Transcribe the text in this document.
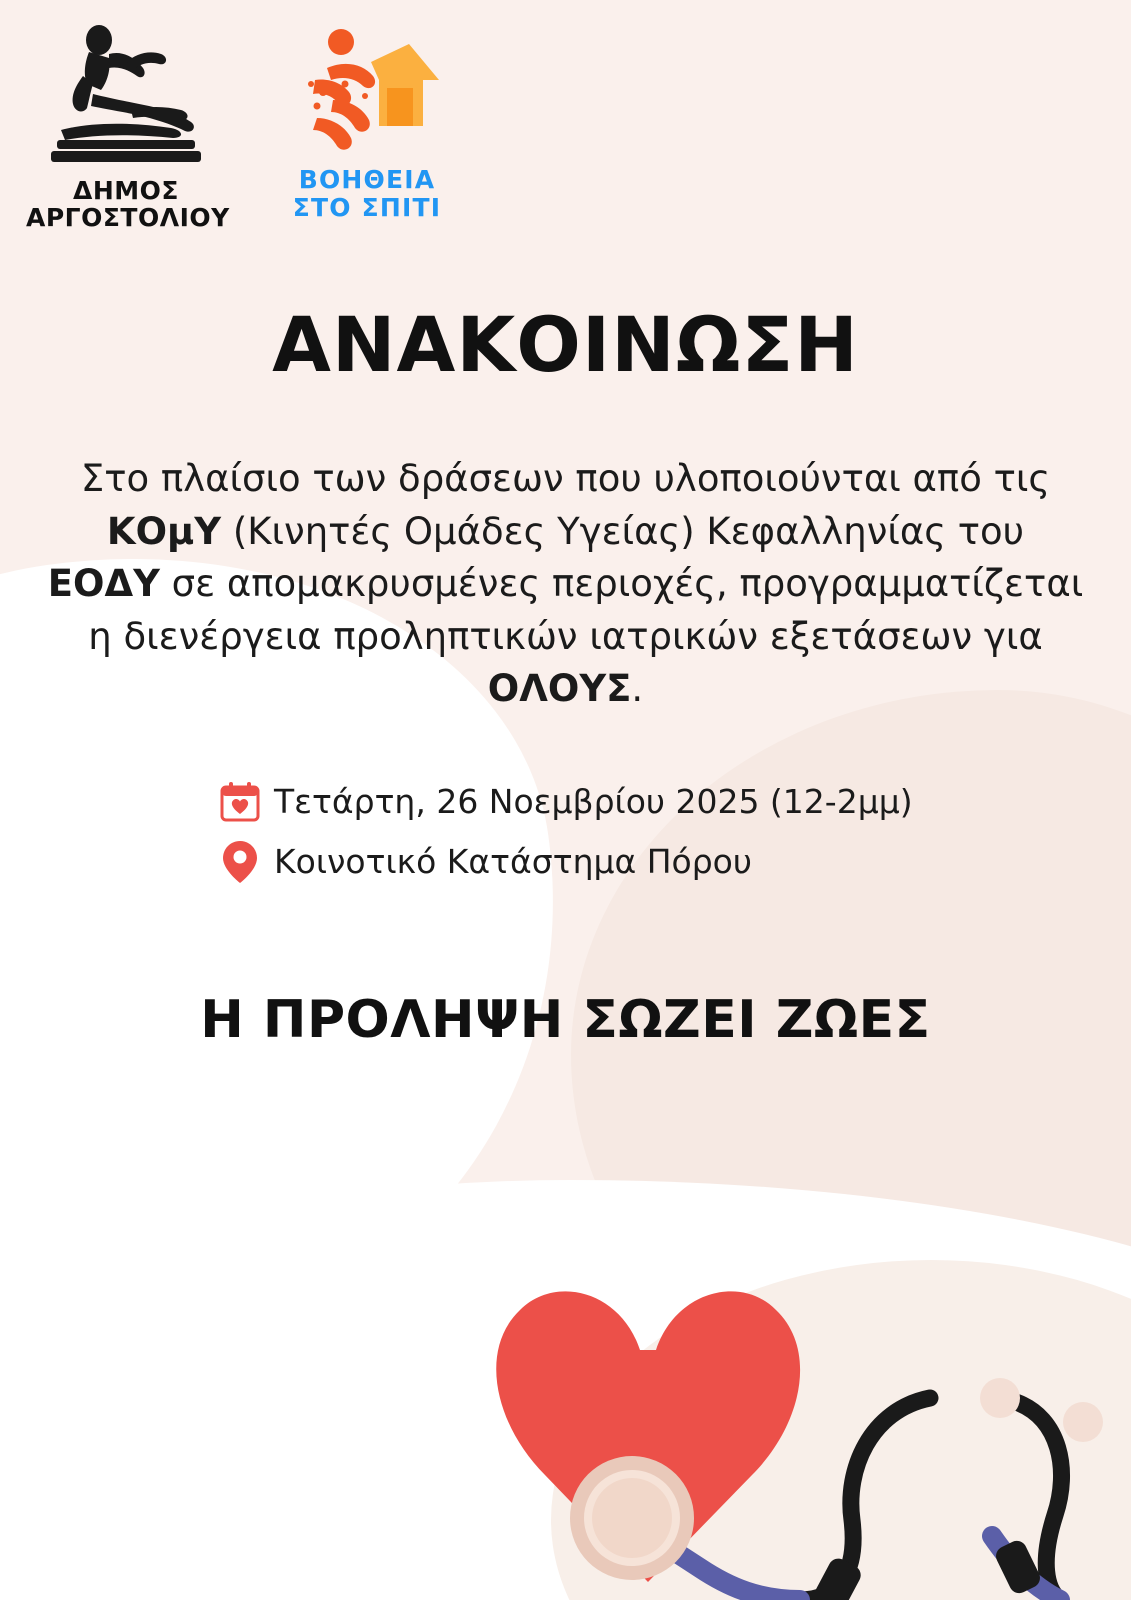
ΔΗΜΟΣ
ΑΡΓΟΣΤΟΛΙΟΥ
ΒΟΗΘΕΙΑ
ΣΤΟ ΣΠΙΤΙ
ΑΝΑΚΟΙΝΩΣΗ

Στο πλαίσιο των δράσεων που υλοποιούνται από τις ΚΟμΥ (Κινητές Ομάδες Υγείας) Κεφαλληνίας του ΕΟΔΥ σε απομακρυσμένες περιοχές, προγραμματίζεται η διενέργεια προληπτικών ιατρικών εξετάσεων για ΟΛΟΥΣ.

Τετάρτη, 26 Νοεμβρίου 2025 (12-2μμ)
Κοινοτικό Κατάστημα Πόρου
Η ΠΡΟΛΗΨΗ ΣΩΖΕΙ ΖΩΕΣ
